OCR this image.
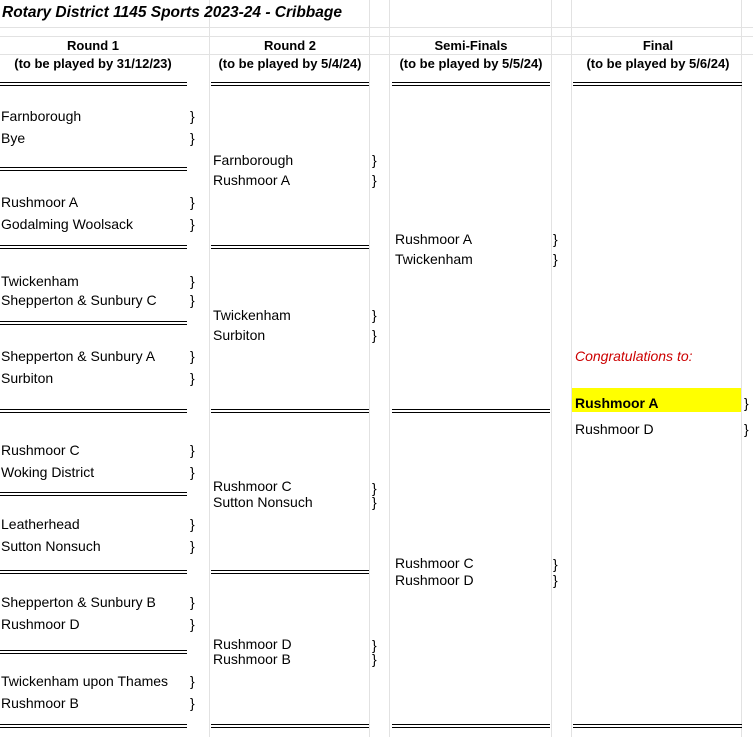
Rotary District 1145 Sports 2023-24 - Cribbage
Round 1
(to be played by 31/12/23)
Round 2
(to be played by 5/4/24)
Semi-Finals
(to be played by 5/5/24)
Final
(to be played by 5/6/24)
Farnborough	}
Bye	}
Rushmoor A	}
Godalming Woolsack	}
Twickenham	}
Shepperton & Sunbury C }
Shepperton & Sunbury A }
Surbiton	}
Rushmoor C	}
Woking District	}
Leatherhead	}
Sutton Nonsuch	}
Shepperton & Sunbury B }
Rushmoor D	}
Twickenham upon Thames }
Rushmoor B	}
Farnborough	}
Rushmoor A	}
Twickenham	}
Surbiton	}
Rushmoor C	}
Sutton Nonsuch	}
Rushmoor D	}
Rushmoor B	}
Rushmoor A	}
Twickenham	}
Rushmoor C	}
Rushmoor D	}
Congratulations to:
Rushmoor A	}
Rushmoor D	}
